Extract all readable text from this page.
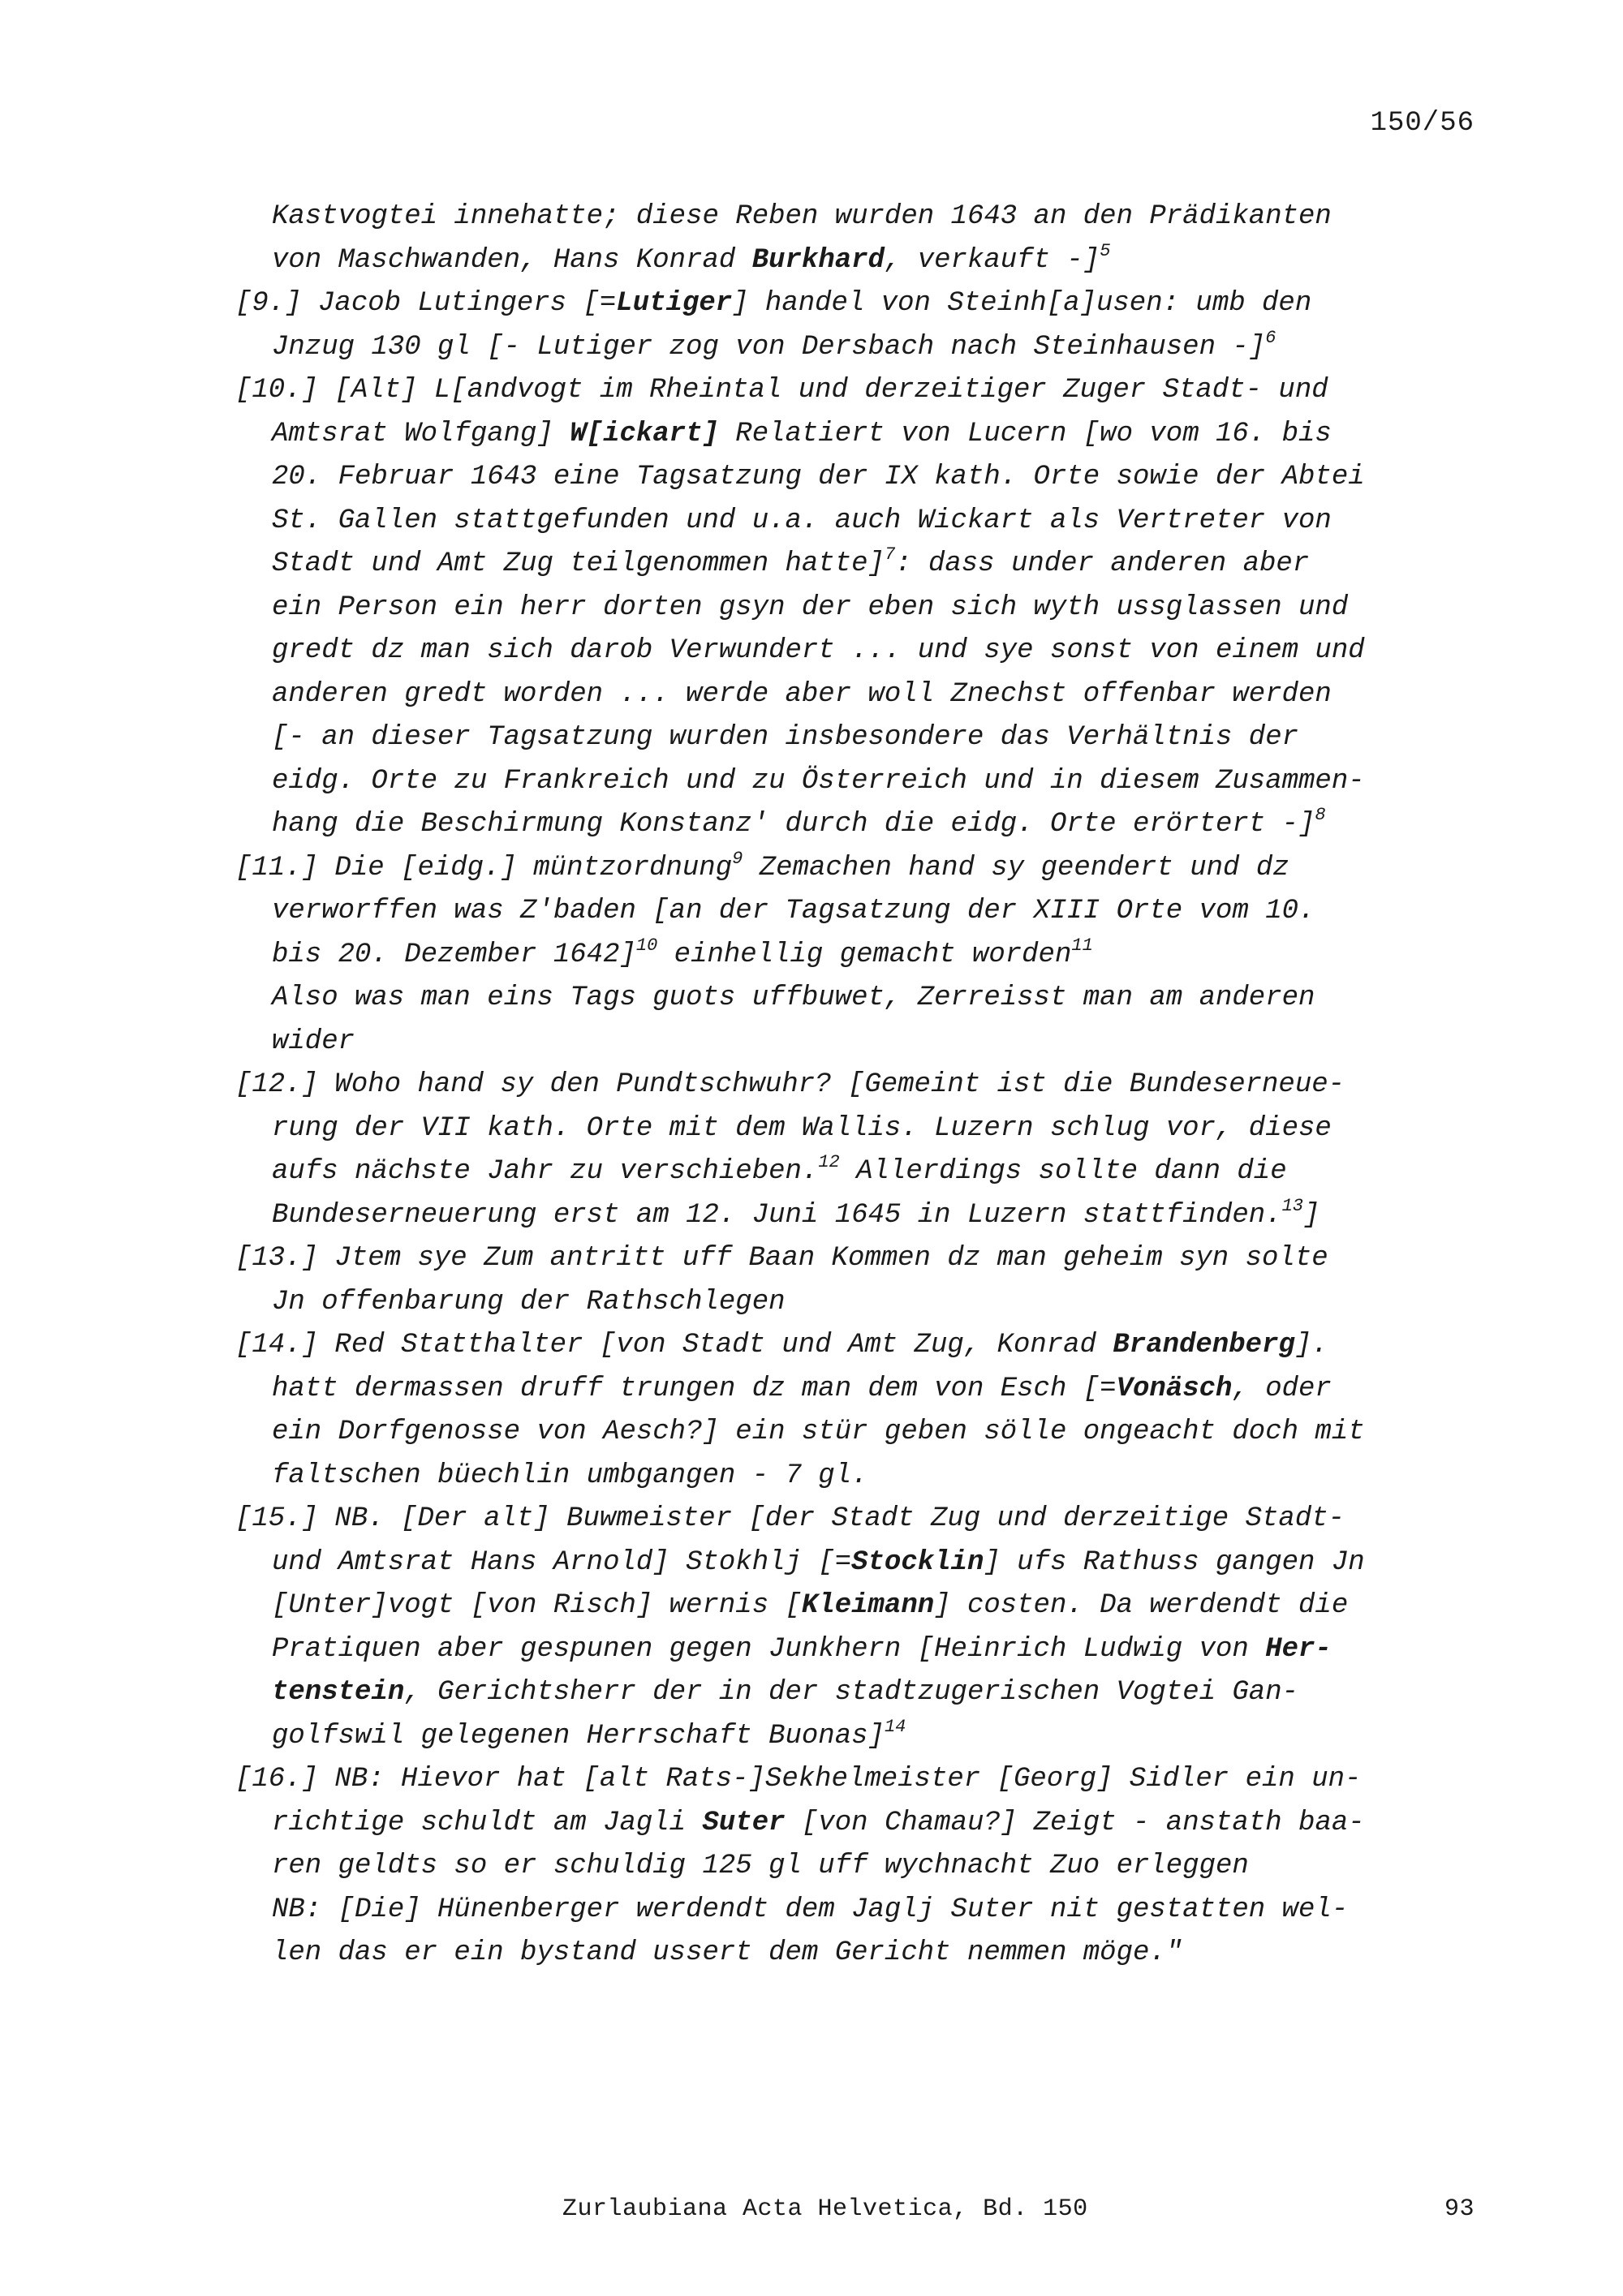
150/56
Kastvogtei innehatte; diese Reben wurden 1643 an den Prädikanten
von Maschwanden, Hans Konrad Burkhard, verkauft -]$^5$
[9.] Jacob Lutingers [=Lutiger] handel von Steinh[a]usen: umb den
Jnzug 130 gl [- Lutiger zog von Dersbach nach Steinhausen -]$^6$
[10.] [Alt] L[andvogt im Rheintal und derzeitiger Zuger Stadt- und
Amtsrat Wolfgang] W[ickart] Relatiert von Lucern [wo vom 16. bis
20. Februar 1643 eine Tagsatzung der IX kath. Orte sowie der Abtei
St. Gallen stattgefunden und u.a. auch Wickart als Vertreter von
Stadt und Amt Zug teilgenommen hatte]$^7$: dass under anderen aber
ein Person ein herr dorten gsyn der eben sich wyth ussglassen und
gredt dz man sich darob Verwundert ... und sye sonst von einem und
anderen gredt worden ... werde aber woll Znechst offenbar werden
[- an dieser Tagsatzung wurden insbesondere das Verhältnis der
eidg. Orte zu Frankreich und zu Österreich und in diesem Zusammen-
hang die Beschirmung Konstanz' durch die eidg. Orte erörtert -]$^8$
[11.] Die [eidg.] müntzordnung$^9$ Zemachen hand sy geendert und dz
verworffen was Z'baden [an der Tagsatzung der XIII Orte vom 10.
bis 20. Dezember 1642]$^{10}$ einhellig gemacht worden$^{11}$
Also was man eins Tags guots uffbuwet, Zerreisst man am anderen
wider
[12.] Woho hand sy den Pundtschwuhr? [Gemeint ist die Bundeserneue-
rung der VII kath. Orte mit dem Wallis. Luzern schlug vor, diese
aufs nächste Jahr zu verschieben.$^{12}$ Allerdings sollte dann die
Bundeserneuerung erst am 12. Juni 1645 in Luzern stattfinden.$^{13}$]
[13.] Jtem sye Zum antritt uff Baan Kommen dz man geheim syn solte
Jn offenbarung der Rathschlegen
[14.] Red Statthalter [von Stadt und Amt Zug, Konrad Brandenberg].
hatt dermassen druff trungen dz man dem von Esch [=Vonäsch, oder
ein Dorfgenosse von Aesch?] ein stür geben sölle ongeacht doch mit
faltschen büechlin umbgangen - 7 gl.
[15.] NB. [Der alt] Buwmeister [der Stadt Zug und derzeitige Stadt-
und Amtsrat Hans Arnold] Stokhlj [=Stocklin] ufs Rathuss gangen Jn
[Unter]vogt [von Risch] wernis [Kleimann] costen. Da werdendt die
Pratiquen aber gespunen gegen Junkhern [Heinrich Ludwig von Her-
tenstein, Gerichtsherr der in der stadtzugerischen Vogtei Gan-
golfswil gelegenen Herrschaft Buonas]$^{14}$
[16.] NB: Hievor hat [alt Rats-]Sekhelmeister [Georg] Sidler ein un-
richtige schuldt am Jagli Suter [von Chamau?] Zeigt - anstath baa-
ren geldts so er schuldig 125 gl uff wychnacht Zuo erleggen
NB: [Die] Hünenberger werdendt dem Jaglj Suter nit gestatten wel-
len das er ein bystand ussert dem Gericht nemmen möge."
Zurlaubiana Acta Helvetica, Bd. 150	93
